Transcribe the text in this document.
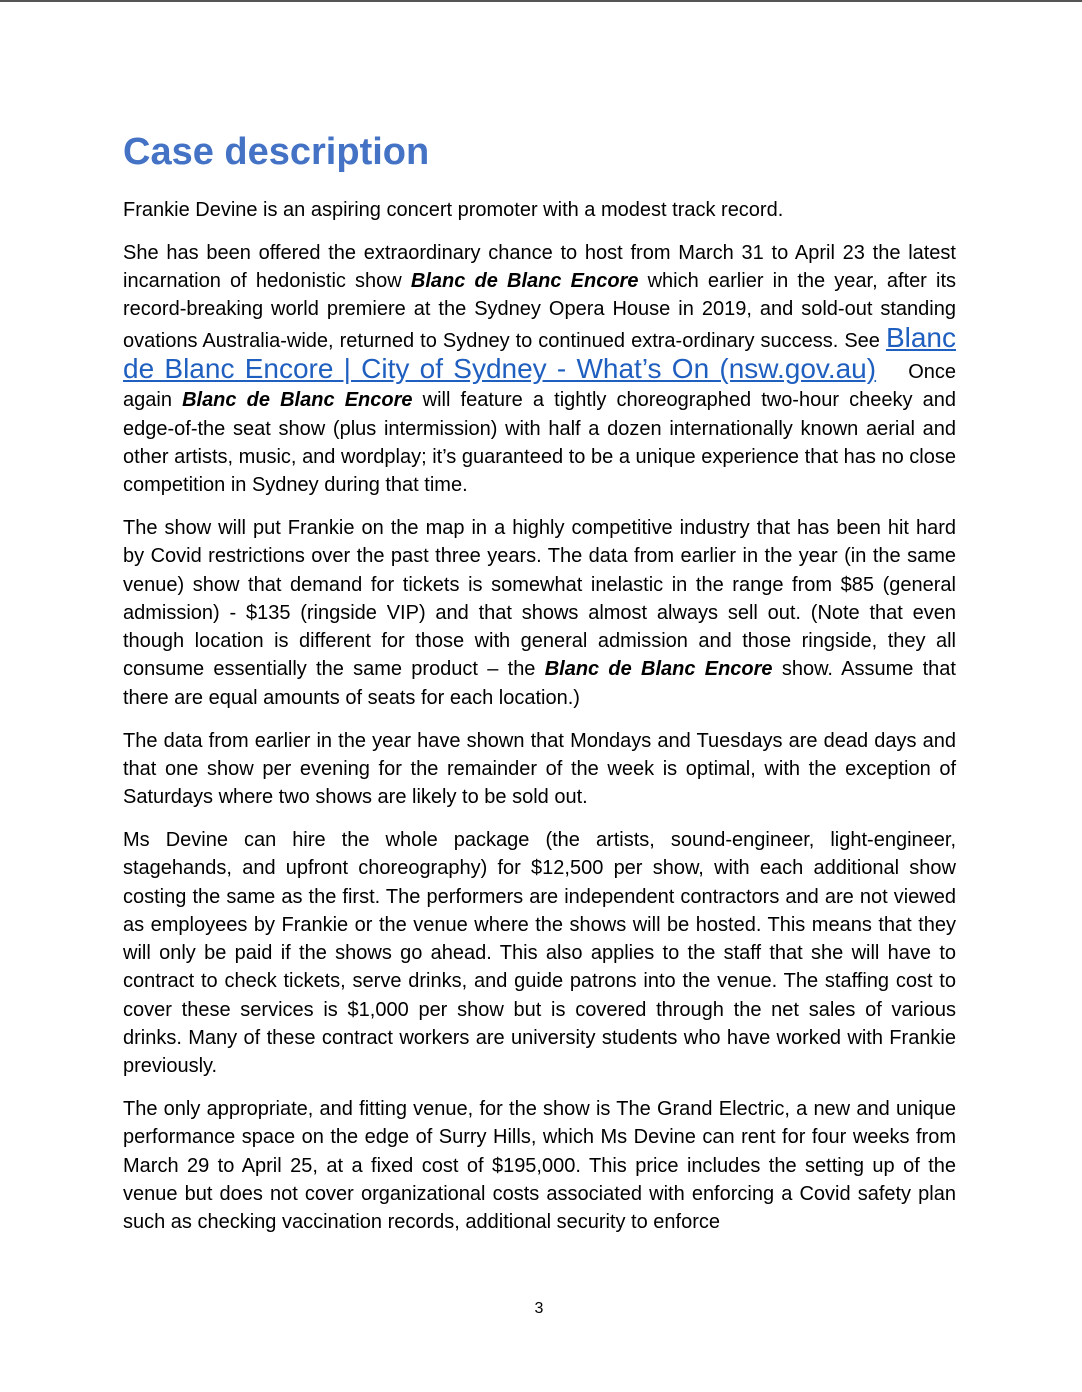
Case description

Frankie Devine is an aspiring concert promoter with a modest track record.

She has been offered the extraordinary chance to host from March 31 to April 23 the latest incarnation of hedonistic show Blanc de Blanc Encore which earlier in the year, after its record-breaking world premiere at the Sydney Opera House in 2019, and sold-out standing ovations Australia-wide, returned to Sydney to continued extra-ordinary success. See Blanc de Blanc Encore | City of Sydney - What’s On (nsw.gov.au)    Once again Blanc de Blanc Encore will feature a tightly choreographed two-hour cheeky and edge-of-the seat show (plus intermission) with half a dozen internationally known aerial and other artists, music, and wordplay; it’s guaranteed to be a unique experience that has no close competition in Sydney during that time.

The show will put Frankie on the map in a highly competitive industry that has been hit hard by Covid restrictions over the past three years. The data from earlier in the year (in the same venue) show that demand for tickets is somewhat inelastic in the range from $85 (general admission) - $135 (ringside VIP) and that shows almost always sell out. (Note that even though location is different for those with general admission and those ringside, they all consume essentially the same product – the Blanc de Blanc Encore show. Assume that there are equal amounts of seats for each location.)

The data from earlier in the year have shown that Mondays and Tuesdays are dead days and that one show per evening for the remainder of the week is optimal, with the exception of Saturdays where two shows are likely to be sold out.

Ms Devine can hire the whole package (the artists, sound-engineer, light-engineer, stagehands, and upfront choreography) for $12,500 per show, with each additional show costing the same as the first. The performers are independent contractors and are not viewed as employees by Frankie or the venue where the shows will be hosted. This means that they will only be paid if the shows go ahead. This also applies to the staff that she will have to contract to check tickets, serve drinks, and guide patrons into the venue. The staffing cost to cover these services is $1,000 per show but is covered through the net sales of various drinks. Many of these contract workers are university students who have worked with Frankie previously.

The only appropriate, and fitting venue, for the show is The Grand Electric, a new and unique performance space on the edge of Surry Hills, which Ms Devine can rent for four weeks from March 29 to April 25, at a fixed cost of $195,000. This price includes the setting up of the venue but does not cover organizational costs associated with enforcing a Covid safety plan such as checking vaccination records, additional security to enforce

3
